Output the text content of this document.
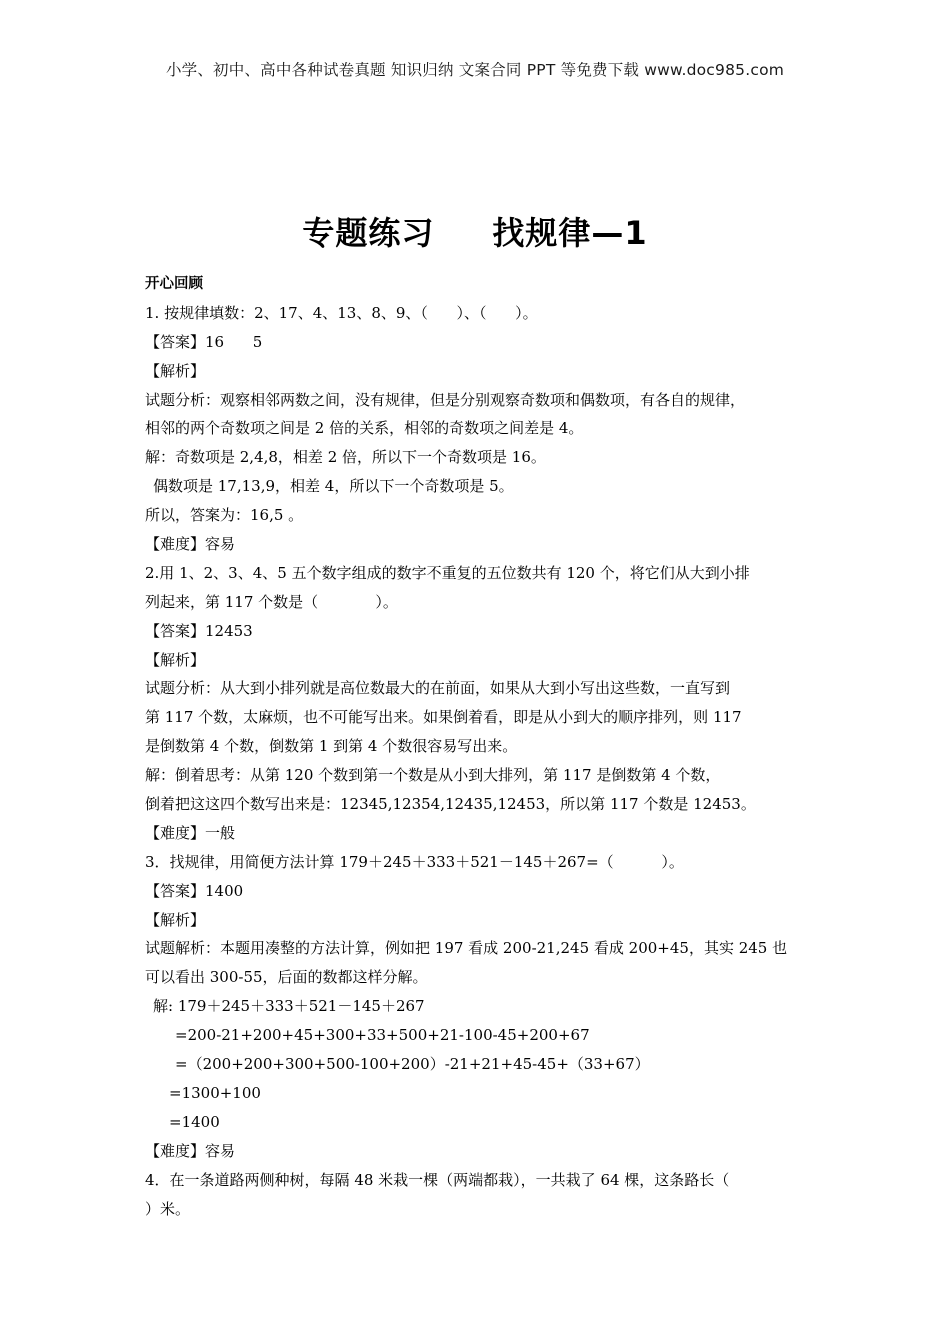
小学、初中、高中各种试卷真题 知识归纳 文案合同 PPT 等免费下载 www.doc985.com
专题练习 找规律—1
开心回顾
1. 按规律填数：2、17、4、13、8、9、（      ）、（      ）。
【答案】16      5
【解析】
试题分析：观察相邻两数之间，没有规律，但是分别观察奇数项和偶数项，有各自的规律，
相邻的两个奇数项之间是 2 倍的关系，相邻的奇数项之间差是 4。
解：奇数项是 2,4,8，相差 2 倍，所以下一个奇数项是 16。
偶数项是 17,13,9，相差 4，所以下一个奇数项是 5。
所以，答案为：16,5 。
【难度】容易
2.用 1、2、3、4、5 五个数字组成的数字不重复的五位数共有 120 个，将它们从大到小排
列起来，第 117 个数是（            ）。
【答案】12453
【解析】
试题分析：从大到小排列就是高位数最大的在前面，如果从大到小写出这些数，一直写到
第 117 个数，太麻烦，也不可能写出来。如果倒着看，即是从小到大的顺序排列，则 117
是倒数第 4 个数，倒数第 1 到第 4 个数很容易写出来。
解：倒着思考：从第 120 个数到第一个数是从小到大排列，第 117 是倒数第 4 个数，
倒着把这这四个数写出来是：12345,12354,12435,12453，所以第 117 个数是 12453。
【难度】一般
3．找规律，用简便方法计算 179＋245＋333＋521－145＋267=（          ）。
【答案】1400
【解析】
试题解析：本题用凑整的方法计算，例如把 197 看成 200-21,245 看成 200+45，其实 245 也
可以看出 300-55，后面的数都这样分解。
解: 179＋245＋333＋521－145＋267
=200-21+200+45+300+33+500+21-100-45+200+67
=（200+200+300+500-100+200）-21+21+45-45+（33+67）
=1300+100
=1400
【难度】容易
4．在一条道路两侧种树，每隔 48 米栽一棵（两端都栽），一共栽了 64 棵，这条路长（
）米。
